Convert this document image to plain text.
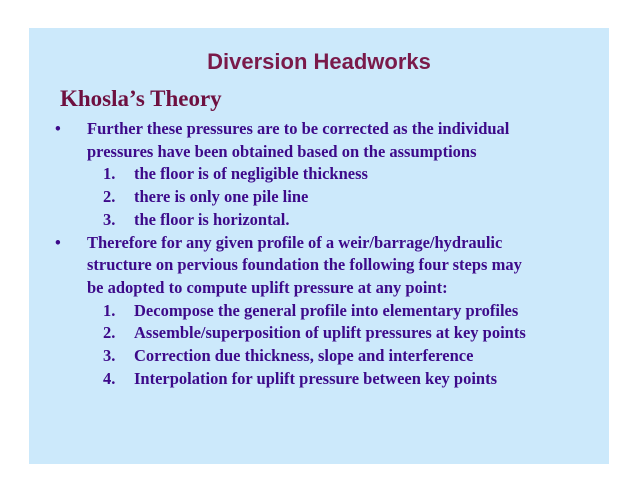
Diversion Headworks
Khosla’s Theory
• Further these pressures are to be corrected as the individual
pressures have been obtained based on the assumptions
1. the floor is of negligible thickness
2. there is only one pile line
3. the floor is horizontal.
• Therefore for any given profile of a weir/barrage/hydraulic
structure on pervious foundation the following four steps may
be adopted to compute uplift pressure at any point:
1. Decompose the general profile into elementary profiles
2. Assemble/superposition of uplift pressures at key points
3. Correction due thickness, slope and interference
4. Interpolation for uplift pressure between key points
